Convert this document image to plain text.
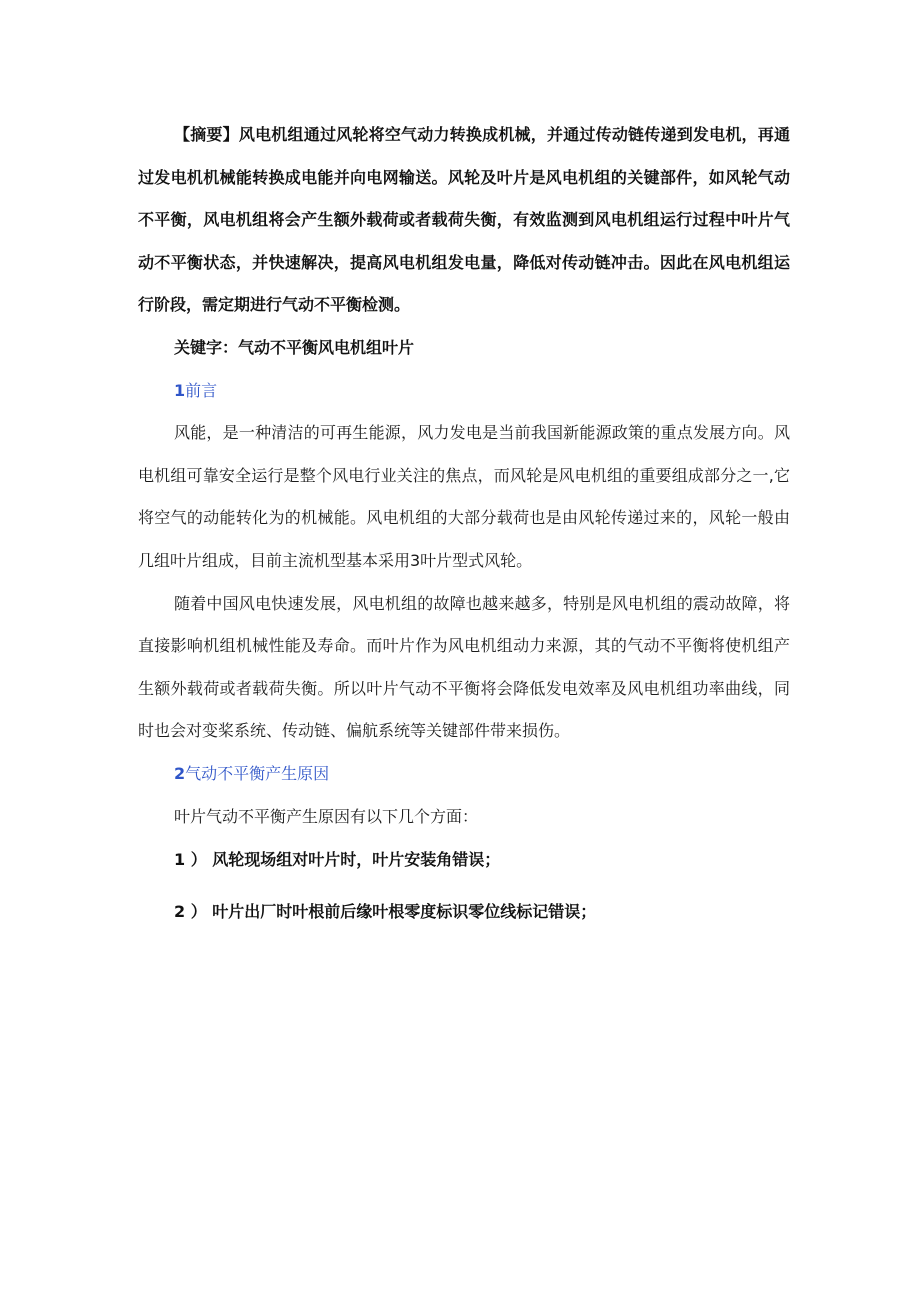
【摘要】风电机组通过风轮将空气动力转换成机械，并通过传动链传递到发电机，再通过发电机机械能转换成电能并向电网输送。风轮及叶片是风电机组的关键部件，如风轮气动不平衡，风电机组将会产生额外载荷或者载荷失衡，有效监测到风电机组运行过程中叶片气动不平衡状态，并快速解决，提高风电机组发电量，降低对传动链冲击。因此在风电机组运行阶段，需定期进行气动不平衡检测。

关键字：气动不平衡风电机组叶片

1前言

风能，是一种清洁的可再生能源，风力发电是当前我国新能源政策的重点发展方向。风电机组可靠安全运行是整个风电行业关注的焦点，而风轮是风电机组的重要组成部分之一,它将空气的动能转化为的机械能。风电机组的大部分载荷也是由风轮传递过来的，风轮一般由几组叶片组成，目前主流机型基本采用3叶片型式风轮。

随着中国风电快速发展，风电机组的故障也越来越多，特别是风电机组的震动故障，将直接影响机组机械性能及寿命。而叶片作为风电机组动力来源，其的气动不平衡将使机组产生额外载荷或者载荷失衡。所以叶片气动不平衡将会降低发电效率及风电机组功率曲线，同时也会对变桨系统、传动链、偏航系统等关键部件带来损伤。

2气动不平衡产生原因

叶片气动不平衡产生原因有以下几个方面：

1 ） 风轮现场组对叶片时，叶片安装角错误；

2 ） 叶片出厂时叶根前后缘叶根零度标识零位线标记错误；
